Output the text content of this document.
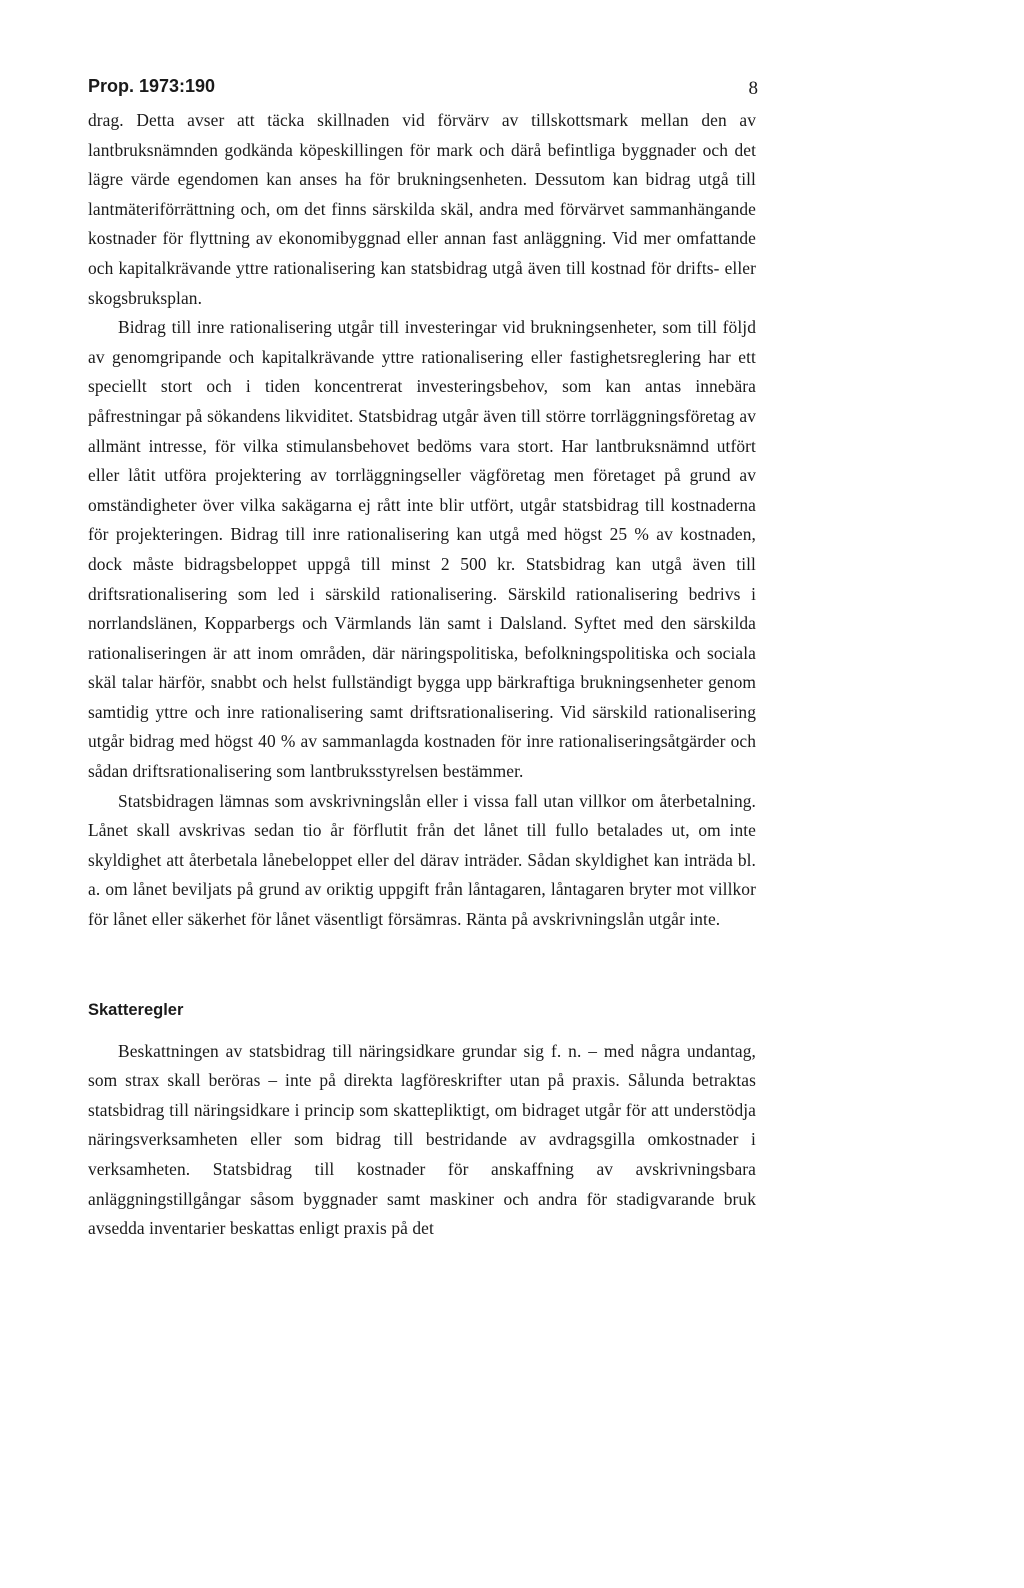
Prop. 1973:190	8

drag. Detta avser att täcka skillnaden vid förvärv av tillskottsmark mellan den av lantbruksnämnden godkända köpeskillingen för mark och därå befintliga byggnader och det lägre värde egendomen kan anses ha för brukningsenheten. Dessutom kan bidrag utgå till lantmäteriförrättning och, om det finns särskilda skäl, andra med förvärvet sammanhängande kostnader för flyttning av ekonomibyggnad eller annan fast anläggning. Vid mer omfattande och kapitalkrävande yttre rationalisering kan statsbidrag utgå även till kostnad för drifts- eller skogsbruksplan.

Bidrag till inre rationalisering utgår till investeringar vid brukningsenheter, som till följd av genomgripande och kapitalkrävande yttre rationalisering eller fastighetsreglering har ett speciellt stort och i tiden koncentrerat investeringsbehov, som kan antas innebära påfrestningar på sökandens likviditet. Statsbidrag utgår även till större torrläggningsföretag av allmänt intresse, för vilka stimulansbehovet bedöms vara stort. Har lantbruksnämnd utfört eller låtit utföra projektering av torrläggningseller vägföretag men företaget på grund av omständigheter över vilka sakägarna ej rått inte blir utfört, utgår statsbidrag till kostnaderna för projekteringen. Bidrag till inre rationalisering kan utgå med högst 25 % av kostnaden, dock måste bidragsbeloppet uppgå till minst 2 500 kr. Statsbidrag kan utgå även till driftsrationalisering som led i särskild rationalisering. Särskild rationalisering bedrivs i norrlandslänen, Kopparbergs och Värmlands län samt i Dalsland. Syftet med den särskilda rationaliseringen är att inom områden, där näringspolitiska, befolkningspolitiska och sociala skäl talar härför, snabbt och helst fullständigt bygga upp bärkraftiga brukningsenheter genom samtidig yttre och inre rationalisering samt driftsrationalisering. Vid särskild rationalisering utgår bidrag med högst 40 % av sammanlagda kostnaden för inre rationaliseringsåtgärder och sådan driftsrationalisering som lantbruksstyrelsen bestämmer.

Statsbidragen lämnas som avskrivningslån eller i vissa fall utan villkor om återbetalning. Lånet skall avskrivas sedan tio år förflutit från det lånet till fullo betalades ut, om inte skyldighet att återbetala lånebeloppet eller del därav inträder. Sådan skyldighet kan inträda bl. a. om lånet beviljats på grund av oriktig uppgift från låntagaren, låntagaren bryter mot villkor för lånet eller säkerhet för lånet väsentligt försämras. Ränta på avskrivningslån utgår inte.

Skatteregler

Beskattningen av statsbidrag till näringsidkare grundar sig f. n. – med några undantag, som strax skall beröras – inte på direkta lagföreskrifter utan på praxis. Sålunda betraktas statsbidrag till näringsidkare i princip som skattepliktigt, om bidraget utgår för att understödja näringsverksamheten eller som bidrag till bestridande av avdragsgilla omkostnader i verksamheten. Statsbidrag till kostnader för anskaffning av avskrivningsbara anläggningstillgångar såsom byggnader samt maskiner och andra för stadigvarande bruk avsedda inventarier beskattas enligt praxis på det
